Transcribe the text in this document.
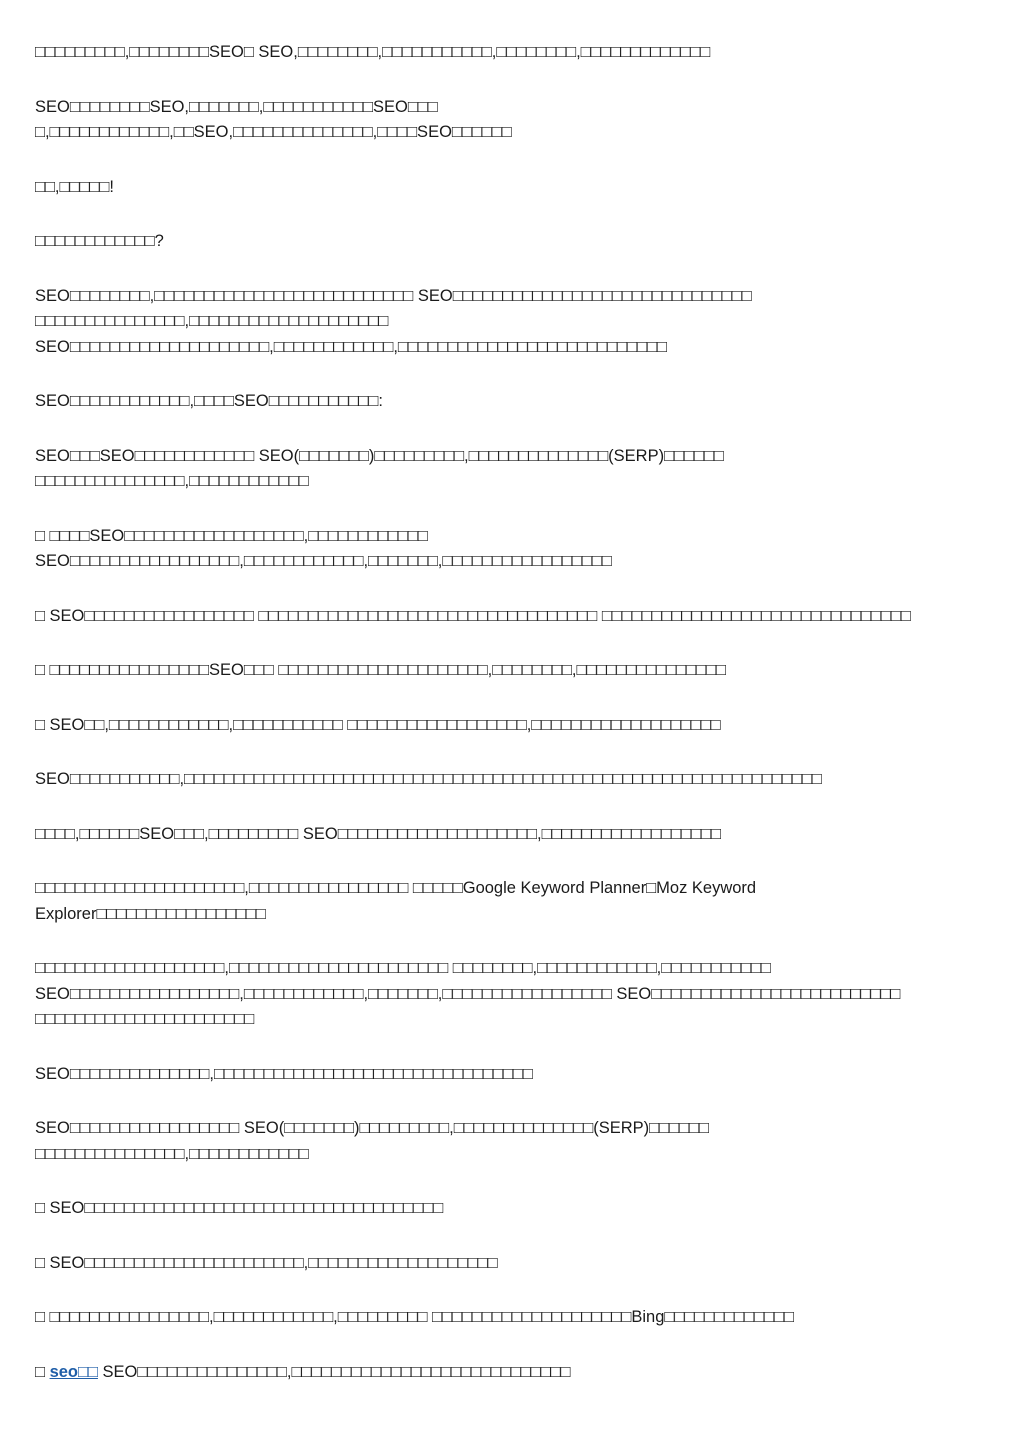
□□□□□□□□□,□□□□□□□□SEO□ SEO,□□□□□□□□,□□□□□□□□□□□,□□□□□□□□,□□□□□□□□□□□□□

SEO□□□□□□□□SEO,□□□□□□□,□□□□□□□□□□□SEO□□□
□,□□□□□□□□□□□□,□□SEO,□□□□□□□□□□□□□□,□□□□SEO□□□□□□

□□,□□□□□!

□□□□□□□□□□□□?

SEO□□□□□□□□,□□□□□□□□□□□□□□□□□□□□□□□□□□ SEO□□□□□□□□□□□□□□□□□□□□□□□□□□□□□□
□□□□□□□□□□□□□□□,□□□□□□□□□□□□□□□□□□□□
SEO□□□□□□□□□□□□□□□□□□□□,□□□□□□□□□□□□,□□□□□□□□□□□□□□□□□□□□□□□□□□□

SEO□□□□□□□□□□□□,□□□□SEO□□□□□□□□□□□:

SEO□□□SEO□□□□□□□□□□□□ SEO(□□□□□□□)□□□□□□□□□,□□□□□□□□□□□□□□(SERP)□□□□□□
□□□□□□□□□□□□□□□,□□□□□□□□□□□□

□ □□□□SEO□□□□□□□□□□□□□□□□□□,□□□□□□□□□□□□
SEO□□□□□□□□□□□□□□□□□,□□□□□□□□□□□□,□□□□□□□,□□□□□□□□□□□□□□□□□

□ SEO□□□□□□□□□□□□□□□□□ □□□□□□□□□□□□□□□□□□□□□□□□□□□□□□□□□□ □□□□□□□□□□□□□□□□□□□□□□□□□□□□□□□

□ □□□□□□□□□□□□□□□□SEO□□□ □□□□□□□□□□□□□□□□□□□□□,□□□□□□□□,□□□□□□□□□□□□□□□

□ SEO□□,□□□□□□□□□□□□,□□□□□□□□□□□ □□□□□□□□□□□□□□□□□□,□□□□□□□□□□□□□□□□□□□

SEO□□□□□□□□□□□,□□□□□□□□□□□□□□□□□□□□□□□□□□□□□□□□□□□□□□□□□□□□□□□□□□□□□□□□□□□□□□□□

□□□□,□□□□□□SEO□□□,□□□□□□□□□ SEO□□□□□□□□□□□□□□□□□□□□,□□□□□□□□□□□□□□□□□□

□□□□□□□□□□□□□□□□□□□□□,□□□□□□□□□□□□□□□□ □□□□□Google Keyword Planner□Moz Keyword
Explorer□□□□□□□□□□□□□□□□□

□□□□□□□□□□□□□□□□□□□,□□□□□□□□□□□□□□□□□□□□□□ □□□□□□□□,□□□□□□□□□□□□,□□□□□□□□□□□
SEO□□□□□□□□□□□□□□□□□,□□□□□□□□□□□□,□□□□□□□,□□□□□□□□□□□□□□□□□ SEO□□□□□□□□□□□□□□□□□□□□□□□□□
□□□□□□□□□□□□□□□□□□□□□□

SEO□□□□□□□□□□□□□□,□□□□□□□□□□□□□□□□□□□□□□□□□□□□□□□□

SEO□□□□□□□□□□□□□□□□□ SEO(□□□□□□□)□□□□□□□□□,□□□□□□□□□□□□□□(SERP)□□□□□□
□□□□□□□□□□□□□□□,□□□□□□□□□□□□

□ SEO□□□□□□□□□□□□□□□□□□□□□□□□□□□□□□□□□□□□

□ SEO□□□□□□□□□□□□□□□□□□□□□□,□□□□□□□□□□□□□□□□□□□

□ □□□□□□□□□□□□□□□□,□□□□□□□□□□□□,□□□□□□□□□ □□□□□□□□□□□□□□□□□□□□Bing□□□□□□□□□□□□□

□ seo□□ SEO□□□□□□□□□□□□□□□,□□□□□□□□□□□□□□□□□□□□□□□□□□□□
